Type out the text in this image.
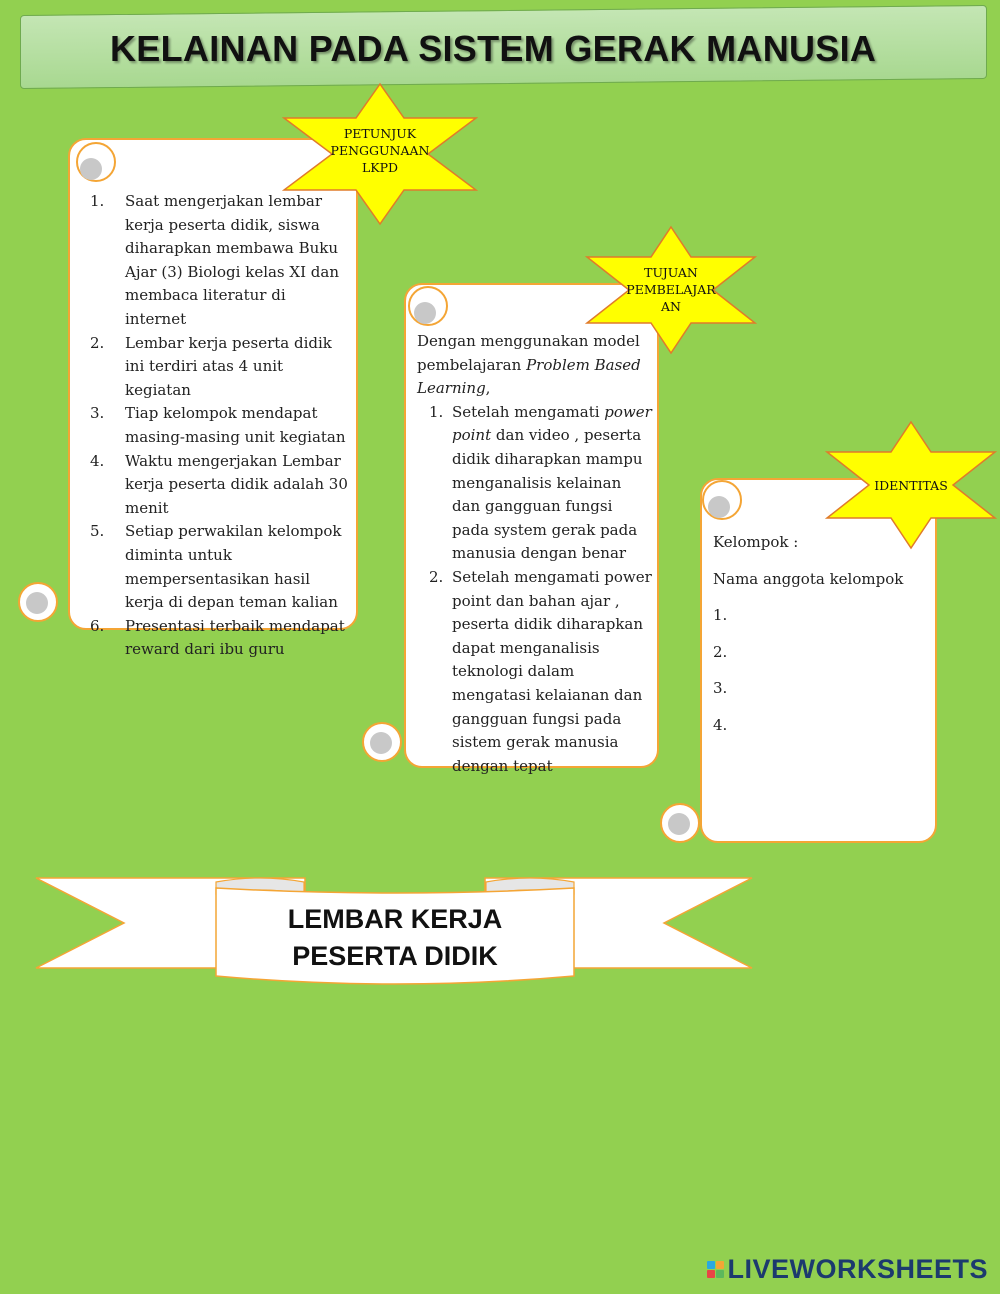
KELAINAN PADA SISTEM GERAK MANUSIA
1. Saat mengerjakan lembar kerja peserta didik, siswa diharapkan membawa Buku Ajar (3) Biologi kelas XI dan membaca literatur di internet
2. Lembar kerja peserta didik ini terdiri atas 4 unit kegiatan
3. Tiap kelompok mendapat masing-masing unit kegiatan
4. Waktu mengerjakan Lembar kerja peserta didik adalah 30 menit
5. Setiap perwakilan kelompok diminta untuk mempersentasikan hasil kerja di depan teman kalian
6. Presentasi terbaik mendapat reward dari ibu guru
PETUNJUK
PENGGUNAAN
LKPD
Dengan menggunakan model pembelajaran Problem Based Learning,
1. Setelah mengamati power point dan video , peserta didik diharapkan mampu menganalisis kelainan dan gangguan fungsi pada system gerak pada manusia dengan benar
2. Setelah mengamati power point dan bahan ajar , peserta didik diharapkan dapat menganalisis teknologi dalam mengatasi kelaianan dan gangguan fungsi pada sistem gerak manusia dengan tepat
TUJUAN
PEMBELAJAR
AN
Kelompok :
Nama anggota kelompok
1.
2.
3.
4.
IDENTITAS
LEMBAR KERJA
PESERTA DIDIK
LIVEWORKSHEETS
